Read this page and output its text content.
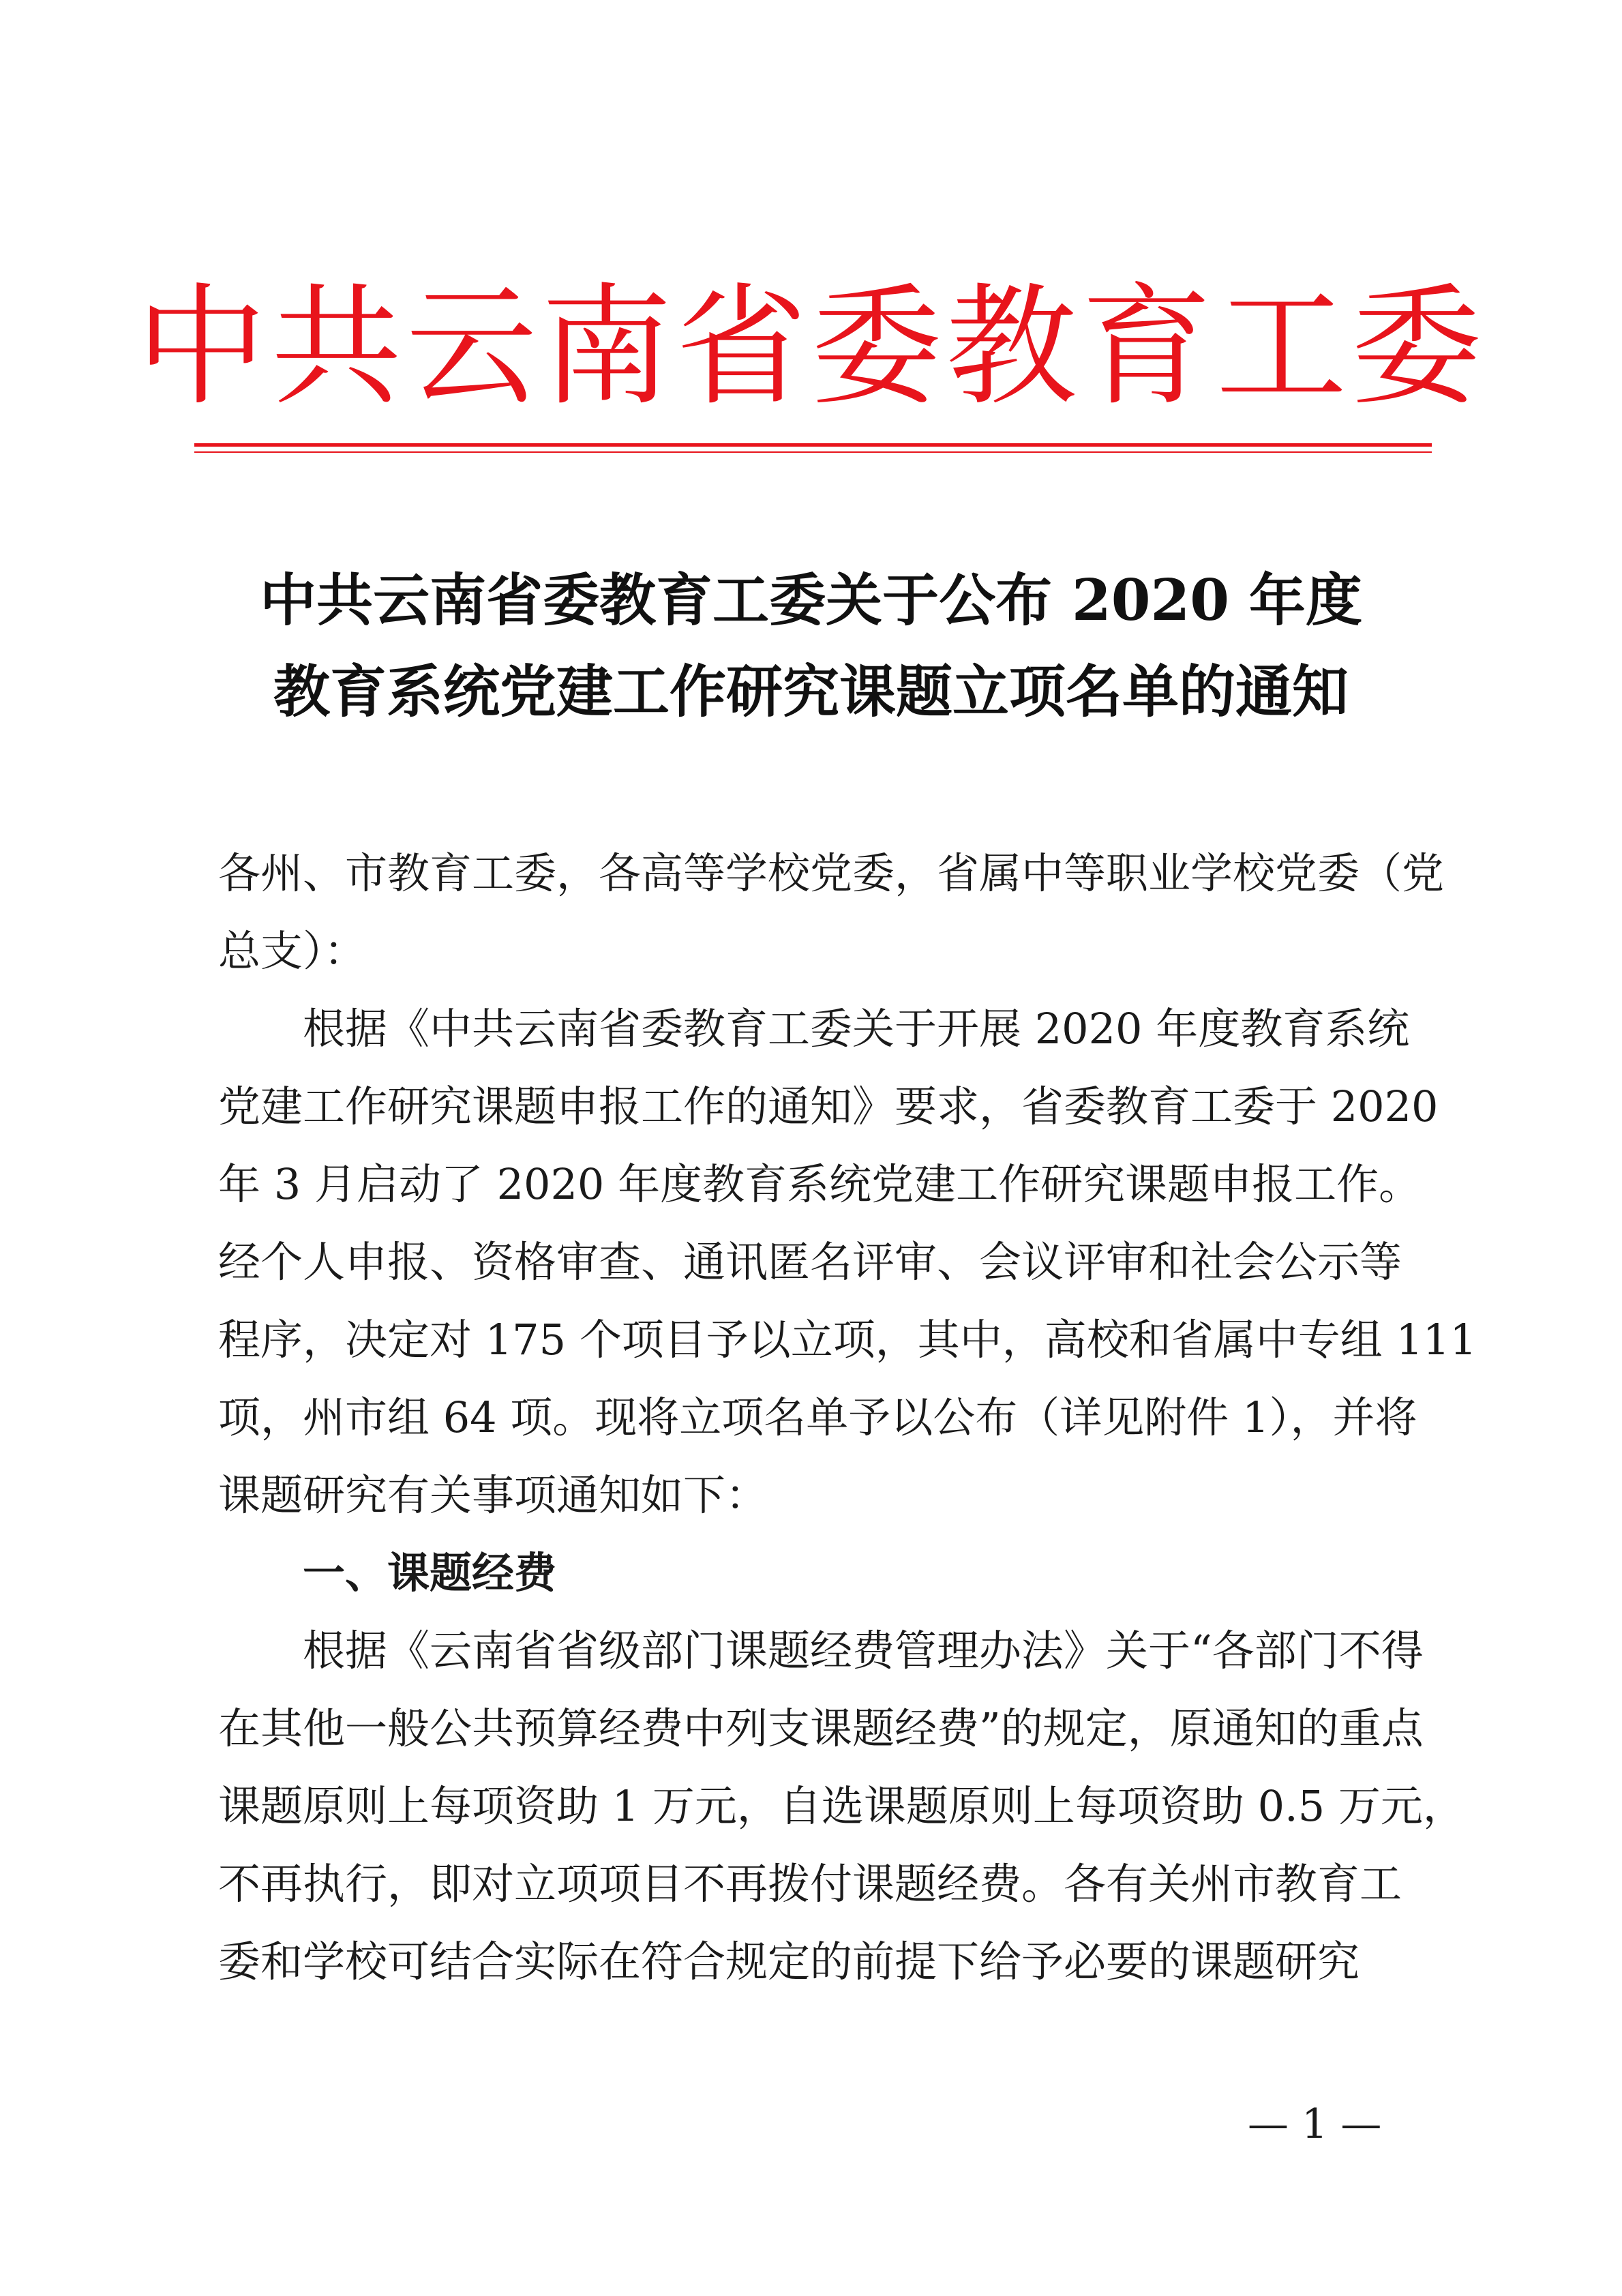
中共云南省委教育工委
中共云南省委教育工委关于公布 2020 年度
教育系统党建工作研究课题立项名单的通知
各州、市教育工委，各高等学校党委，省属中等职业学校党委（党
总支）：
　　根据《中共云南省委教育工委关于开展 2020 年度教育系统
党建工作研究课题申报工作的通知》要求，省委教育工委于 2020
年 3 月启动了 2020 年度教育系统党建工作研究课题申报工作。
经个人申报、资格审查、通讯匿名评审、会议评审和社会公示等
程序，决定对 175 个项目予以立项，其中，高校和省属中专组 111
项，州市组 64 项。现将立项名单予以公布（详见附件 1），并将
课题研究有关事项通知如下：
　　一、课题经费
　　根据《云南省省级部门课题经费管理办法》关于“各部门不得
在其他一般公共预算经费中列支课题经费”的规定，原通知的重点
课题原则上每项资助 1 万元，自选课题原则上每项资助 0.5 万元，
不再执行，即对立项项目不再拨付课题经费。各有关州市教育工
委和学校可结合实际在符合规定的前提下给予必要的课题研究
— 1 —
